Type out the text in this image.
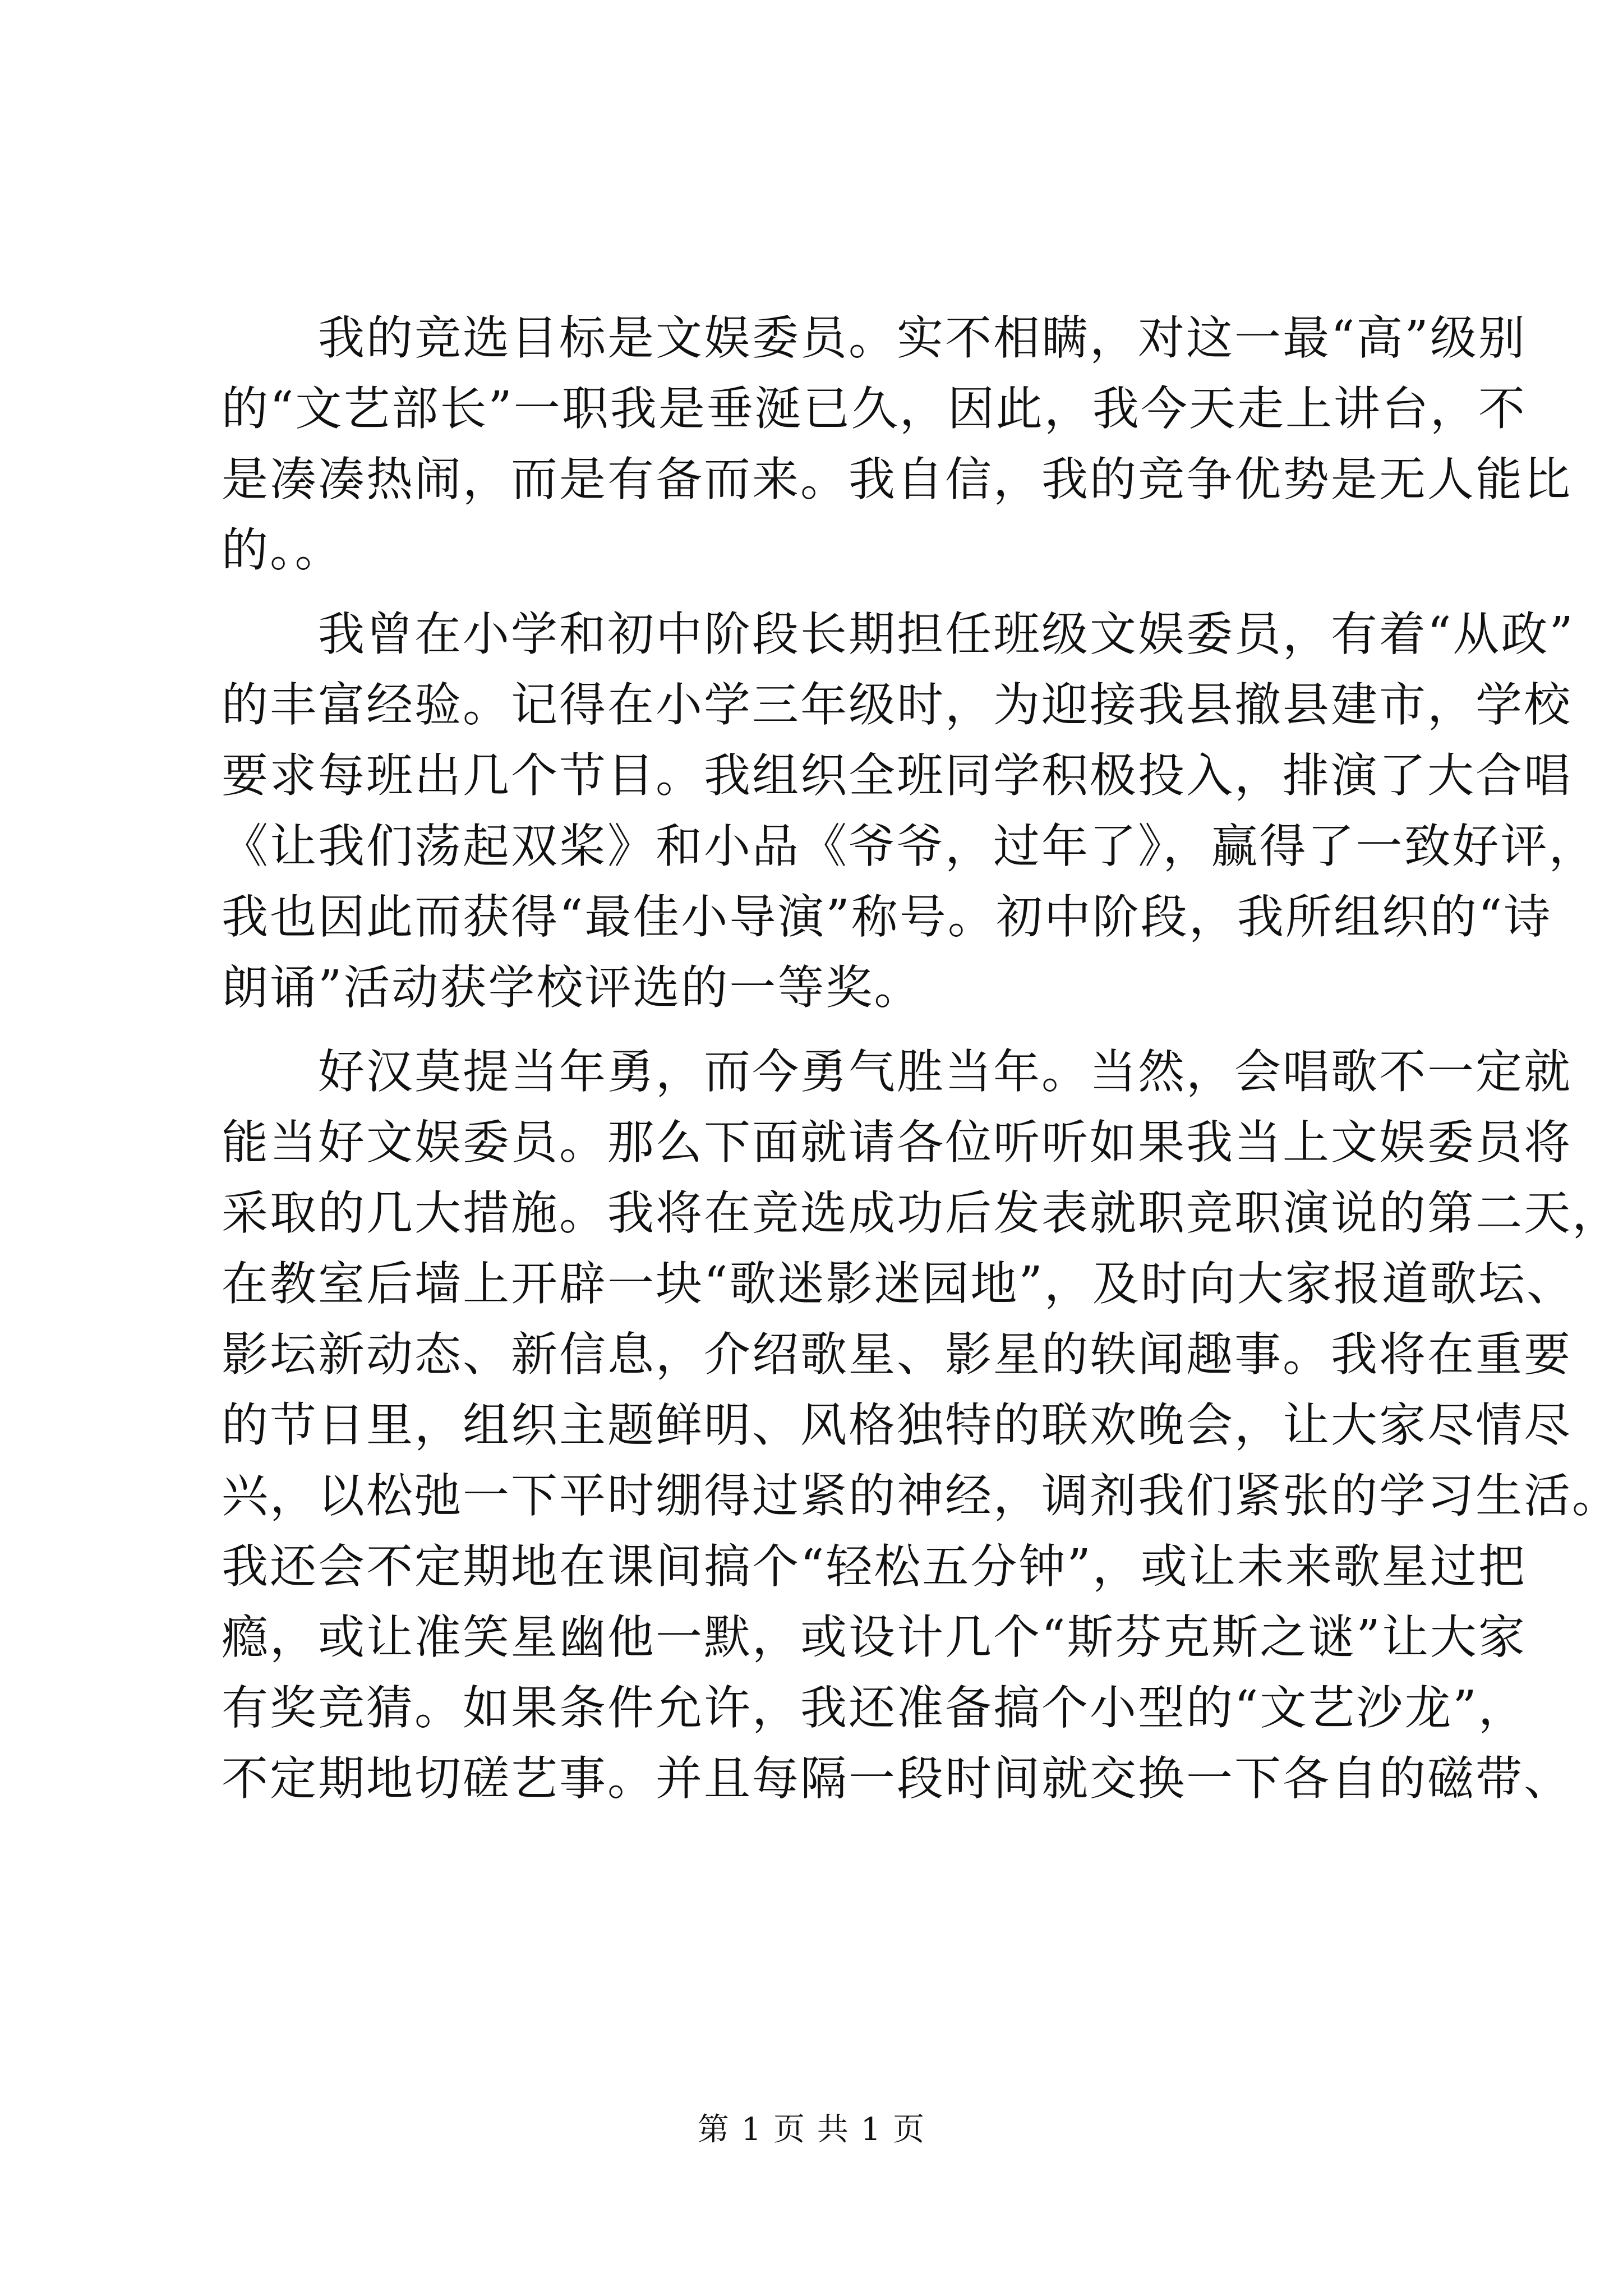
　　我的竞选目标是文娱委员。实不相瞒，对这一最“高”级别
的“文艺部长”一职我是垂涎已久，因此，我今天走上讲台，不
是凑凑热闹，而是有备而来。我自信，我的竞争优势是无人能比
的。。
　　我曾在小学和初中阶段长期担任班级文娱委员，有着“从政”
的丰富经验。记得在小学三年级时，为迎接我县撤县建市，学校
要求每班出几个节目。我组织全班同学积极投入，排演了大合唱
《让我们荡起双桨》和小品《爷爷，过年了》，赢得了一致好评，
我也因此而获得“最佳小导演”称号。初中阶段，我所组织的“诗
朗诵”活动获学校评选的一等奖。
　　好汉莫提当年勇，而今勇气胜当年。当然，会唱歌不一定就
能当好文娱委员。那么下面就请各位听听如果我当上文娱委员将
采取的几大措施。我将在竞选成功后发表就职竞职演说的第二天，
在教室后墙上开辟一块“歌迷影迷园地”，及时向大家报道歌坛、
影坛新动态、新信息，介绍歌星、影星的轶闻趣事。我将在重要
的节日里，组织主题鲜明、风格独特的联欢晚会，让大家尽情尽
兴，以松弛一下平时绷得过紧的神经，调剂我们紧张的学习生活。
我还会不定期地在课间搞个“轻松五分钟”，或让未来歌星过把
瘾，或让准笑星幽他一默，或设计几个“斯芬克斯之谜”让大家
有奖竞猜。如果条件允许，我还准备搞个小型的“文艺沙龙”，
不定期地切磋艺事。并且每隔一段时间就交换一下各自的磁带、
第 1 页 共 1 页
